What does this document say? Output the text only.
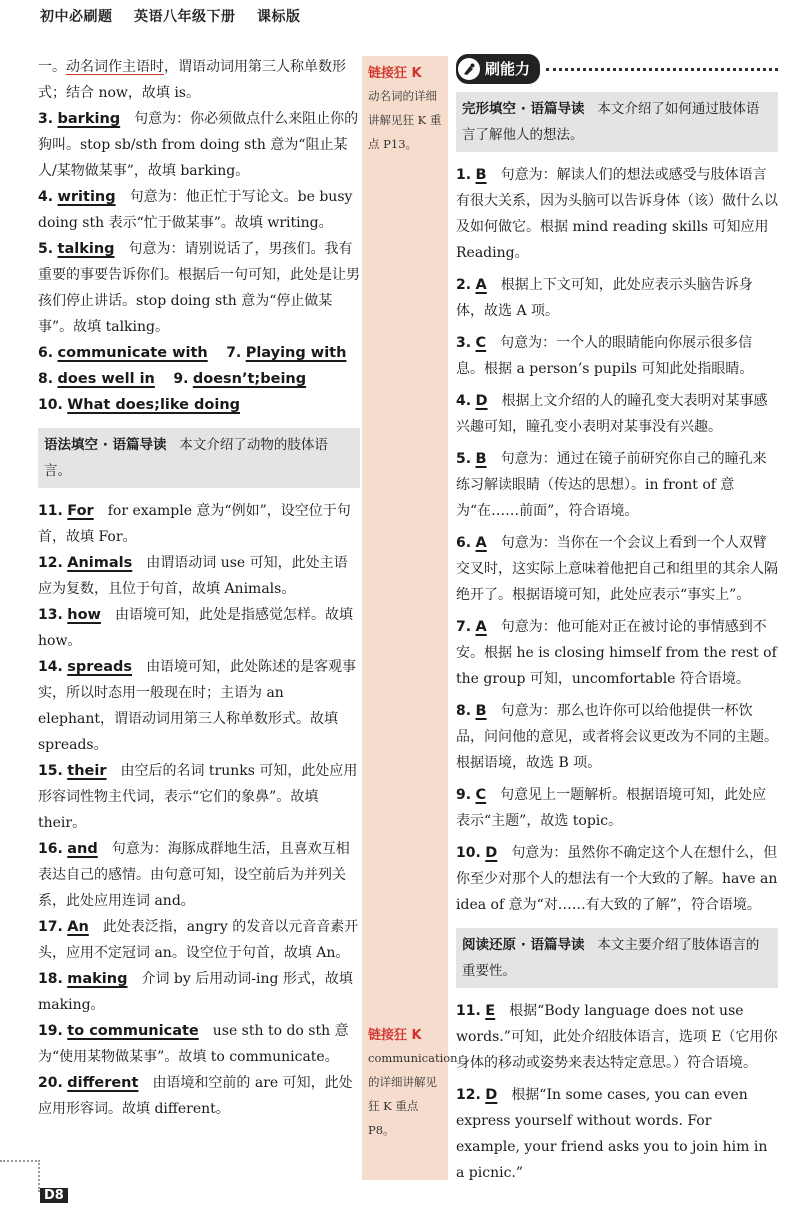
初中必刷题 英语八年级下册 课标版

一。动名词作主语时，谓语动词用第三人称单数形式；结合 now，故填 is。

3. barking 句意为：你必须做点什么来阻止你的狗叫。stop sb/sth from doing sth 意为“阻止某人/某物做某事”，故填 barking。

4. writing 句意为：他正忙于写论文。be busy doing sth 表示“忙于做某事”。故填 writing。

5. talking 句意为：请别说话了，男孩们。我有重要的事要告诉你们。根据后一句可知，此处是让男孩们停止讲话。stop doing sth 意为“停止做某事”。故填 talking。

6. communicate with 7. Playing with

8. does well in 9. doesn’t;being

10. What does;like doing

语法填空 · 语篇导读 本文介绍了动物的肢体语言。

11. For for example 意为“例如”，设空位于句首，故填 For。

12. Animals 由谓语动词 use 可知，此处主语应为复数，且位于句首，故填 Animals。

13. how 由语境可知，此处是指感觉怎样。故填 how。

14. spreads 由语境可知，此处陈述的是客观事实，所以时态用一般现在时；主语为 an elephant，谓语动词用第三人称单数形式。故填 spreads。

15. their 由空后的名词 trunks 可知，此处应用形容词性物主代词，表示“它们的象鼻”。故填 their。

16. and 句意为：海豚成群地生活，且喜欢互相表达自己的感情。由句意可知，设空前后为并列关系，此处应用连词 and。

17. An 此处表泛指，angry 的发音以元音音素开头，应用不定冠词 an。设空位于句首，故填 An。

18. making 介词 by 后用动词-ing 形式，故填 making。

19. to communicate use sth to do sth 意为“使用某物做某事”。故填 to communicate。

20. different 由语境和空前的 are 可知，此处应用形容词。故填 different。

链接狂 K
动名词的详细讲解见狂 K 重点 P13。
链接狂 K
communication 的详细讲解见狂 K 重点 P8。
刷能力
完形填空 · 语篇导读 本文介绍了如何通过肢体语言了解他人的想法。

1. B 句意为：解读人们的想法或感受与肢体语言有很大关系，因为头脑可以告诉身体（该）做什么以及如何做它。根据 mind reading skills 可知应用 Reading。

2. A 根据上下文可知，此处应表示头脑告诉身体，故选 A 项。

3. C 句意为：一个人的眼睛能向你展示很多信息。根据 a person’s pupils 可知此处指眼睛。

4. D 根据上文介绍的人的瞳孔变大表明对某事感兴趣可知，瞳孔变小表明对某事没有兴趣。

5. B 句意为：通过在镜子前研究你自己的瞳孔来练习解读眼睛（传达的思想）。in front of 意为“在……前面”，符合语境。

6. A 句意为：当你在一个会议上看到一个人双臂交叉时，这实际上意味着他把自己和组里的其余人隔绝开了。根据语境可知，此处应表示“事实上”。

7. A 句意为：他可能对正在被讨论的事情感到不安。根据 he is closing himself from the rest of the group 可知，uncomfortable 符合语境。

8. B 句意为：那么也许你可以给他提供一杯饮品，问问他的意见，或者将会议更改为不同的主题。根据语境，故选 B 项。

9. C 句意见上一题解析。根据语境可知，此处应表示“主题”，故选 topic。

10. D 句意为：虽然你不确定这个人在想什么，但你至少对那个人的想法有一个大致的了解。have an idea of 意为“对……有大致的了解”，符合语境。

阅读还原 · 语篇导读 本文主要介绍了肢体语言的重要性。

11. E 根据“Body language does not use words.”可知，此处介绍肢体语言，选项 E（它用你身体的移动或姿势来表达特定意思。）符合语境。

12. D 根据“In some cases, you can even express yourself without words. For example, your friend asks you to join him in a picnic.”

D8
